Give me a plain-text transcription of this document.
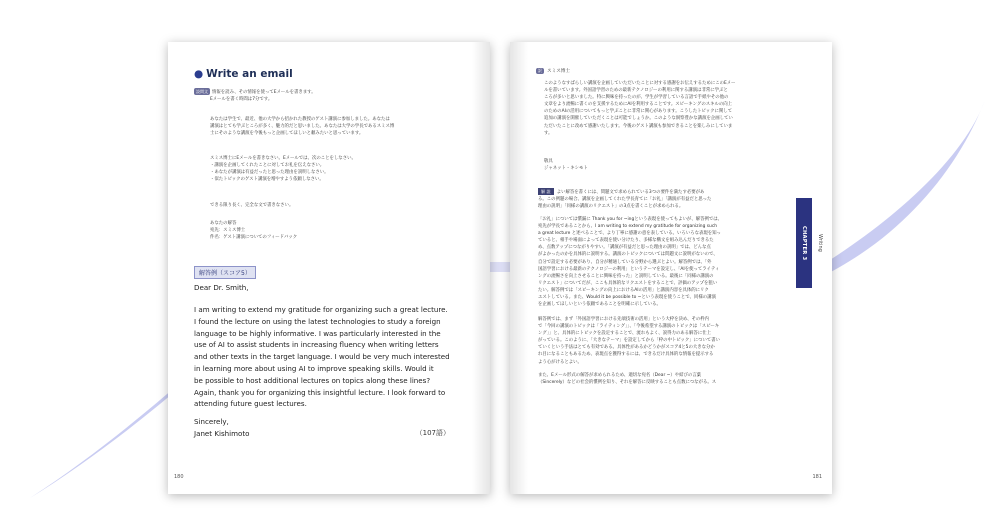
● Write an email
設問文 情報を読み、その情報を使ってEメールを書きます。
Eメールを書く時間は7分です。
あなたは学生で、最近、他の大学から招かれた教授のゲスト講演に参加しました。あなたは
講演はとても学ぶところが多く、魅力的だと思いました。あなたは大学の学長であるスミス博
士にそのような講演を今後もっと企画してほしいと頼みたいと思っています。
スミス博士にEメールを書きなさい。Eメールでは、次のことをしなさい。
・講演を企画してくれたことに対してお礼を伝えなさい。
・あなたが講演は有益だったと思った理由を説明しなさい。
・似たトピックのゲスト講演を増やすよう依頼しなさい。
できる限り長く、完全な文で書きなさい。
あなたの解答
宛先：スミス博士
件名：ゲスト講演についてのフィードバック
解答例（スコア5）
Dear Dr. Smith,
I am writing to extend my gratitude for organizing such a great lecture.
I found the lecture on using the latest technologies to study a foreign
language to be highly informative. I was particularly interested in the
use of AI to assist students in increasing fluency when writing letters
and other texts in the target language. I would be very much interested
in learning more about using AI to improve speaking skills. Would it
be possible to host additional lectures on topics along these lines?
Again, thank you for organizing this insightful lecture. I look forward to
attending future guest lectures.
Sincerely,
Janet Kishimoto	（107語）
180
訳 スミス博士
このようなすばらしい講演を企画していただいたことに対する感謝をお伝えするためにこのEメー
ルを書いています。外国語学習のための最新テクノロジーの利用に関する講演は非常に学ぶと
ころが多いと思いました。特に興味を持ったのが、学生が学習している言語で手紙やその他の
文章をより流暢に書くのを支援するためにAIを利用することです。スピーキングのスキルの向上
のためのAIの活用についてもっと学ぶことに非常に関心があります。こうしたトピックに関して
追加の講演を開催していただくことは可能でしょうか。このような洞察豊かな講演を企画してい
ただいたことに改めて感謝いたします。今後のゲスト講演も参加できることを楽しみにしていま
す。
敬具
ジャネット・キシモト
解 説 よい解答を書くには、問題文で求められている3つの要件を満たす必要があ
る。この例題の場合、講演を企画してくれた学長育てに「お礼」「講演が有益だと思った
理由の説明」「同様の講演のリクエスト」の3点を書くことが求められる。
「お礼」については慣漏に Thank you for ~ingという表現を使ってもよいが、解答例では、
宛先が学長であることから、I am writing to extend my gratitude for organizing such
a great lecture と述べることで、より丁寧に感謝の意を表している。いろいろな表現を知っ
ていると、相手や場面によって表現を使い分けたり、多様な構文を組み込んだりできるた
め、点数アップにつながりやすい。「講演が有益だと思った理由の説明」では、どんな点
がよかったのかを具体的に説明する。講演のトピックについては問題文に説明がないので、
自分で設定する必要があり、自分が精通している分野から選ぶとよい。解答例では、「外
国語学習における最新のテクノロジーの利用」というテーマを設定し、「AIを使ってライティ
ングの流暢さを向上させることに興味を持った」と説明している。最後に「同様の講演の
リクエスト」についてだが、ここも具体的なリクエストをすることで、評価のアップを狙い
たい。解答例では「スピーキングの向上におけるAIの活用」と講演内容を具体的にリク
エストしている。また、Would it be possible to ~という表現を使うことで、同様の講演
を企画してほしいという依頼であることを明確に示している。
解答例では、まず「外国語学習における先端技術の活用」という大枠を決め、その枠内
で「今回の講演のトピックは「ライティング」」、「今後希望する講演のトピックは「スピーキ
ング」」と、具体的にトピックを設定することで、流れもよく、説得力のある解答に仕上
がっている。このように、「大きなテーマ」を設定してから「枠の中トピック」について書い
ていくという手法はとても有効である。具体性があるかどうかがスコア4と5の大きな分か
れ目になることもあるため、表現点を獲得するには、できるだけ具体的な情報を提示する
よう心がけるとよい。
また、Eメール形式の解答が求められるため、適切な宛名（Dear ~）や結びの言葉
（Sincerely）などの社会的慣例を知り、それを解答に反映することも点数につながる。ス
181
CHAPTER 3 Writing
